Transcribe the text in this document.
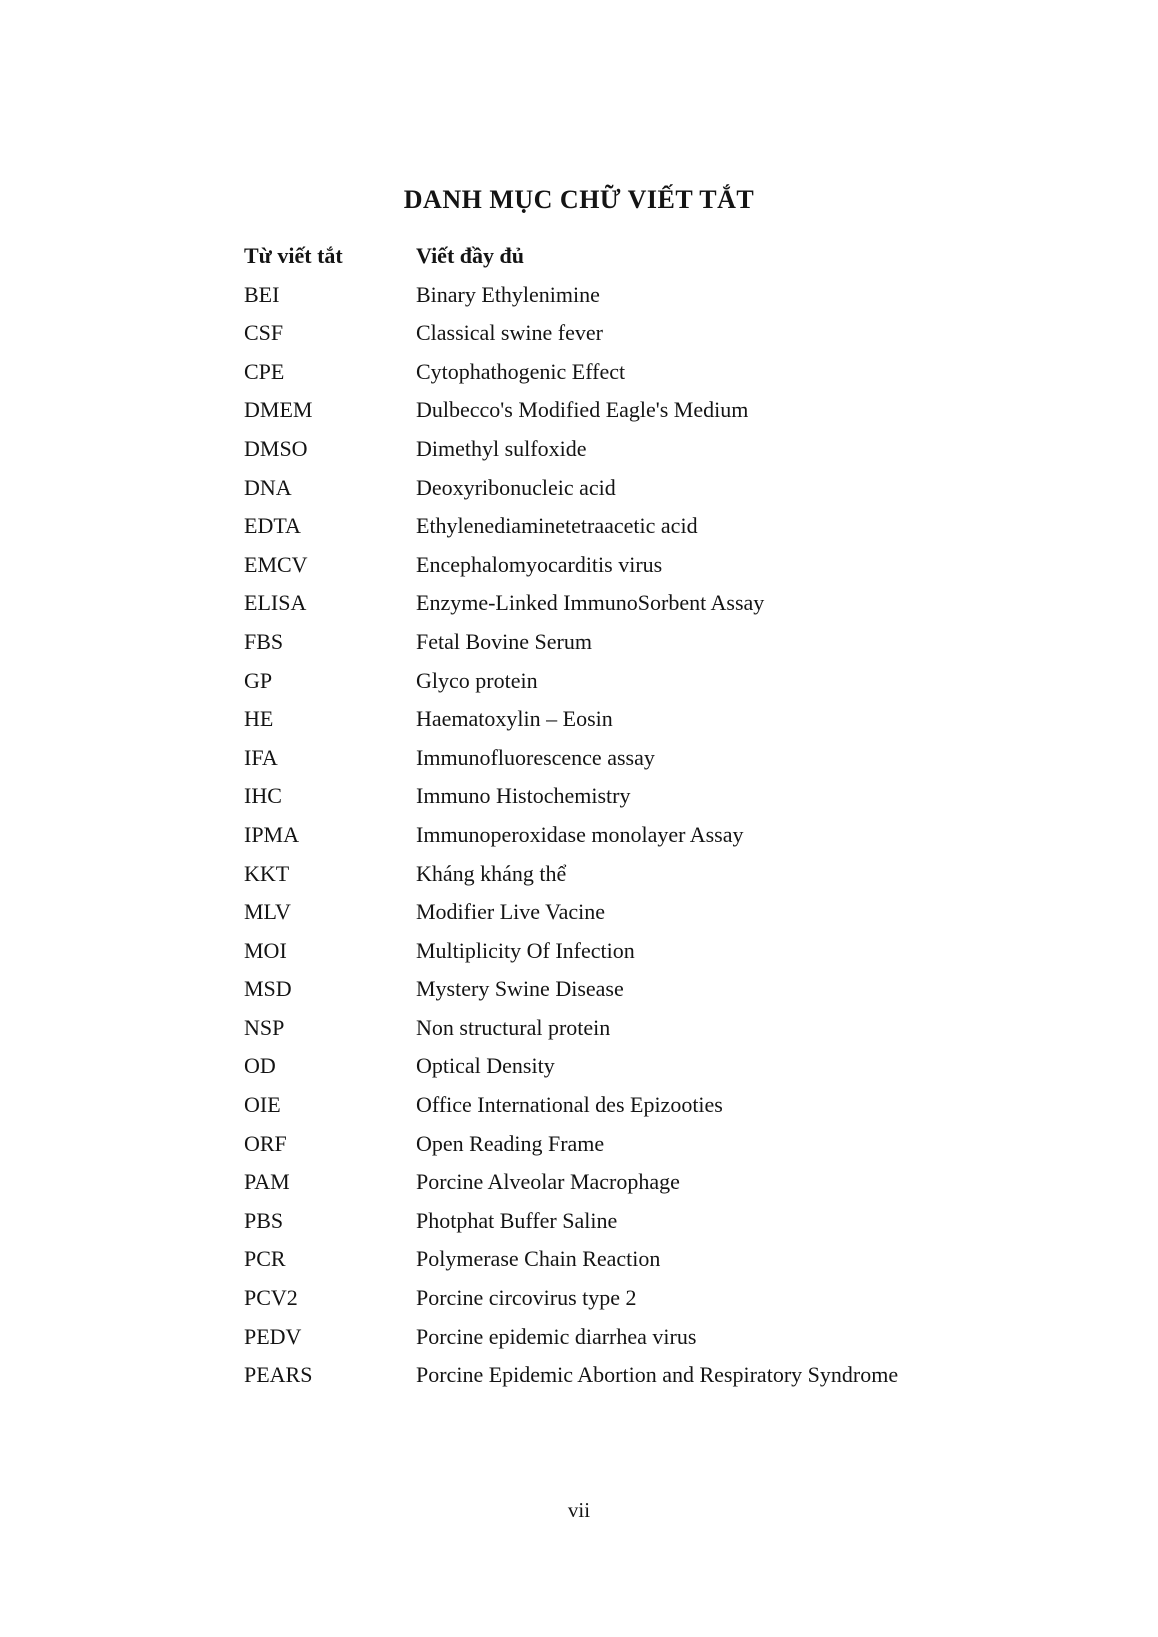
DANH MỤC CHỮ VIẾT TẮT
Từ viết tắt	Viết đầy đủ
BEI	Binary Ethylenimine
CSF	Classical swine fever
CPE	Cytophathogenic Effect
DMEM	Dulbecco's Modified Eagle's Medium
DMSO	Dimethyl sulfoxide
DNA	Deoxyribonucleic acid
EDTA	Ethylenediaminetetraacetic acid
EMCV	Encephalomyocarditis virus
ELISA	Enzyme-Linked ImmunoSorbent Assay
FBS	Fetal Bovine Serum
GP	Glyco protein
HE	Haematoxylin – Eosin
IFA	Immunofluorescence assay
IHC	Immuno Histochemistry
IPMA	Immunoperoxidase monolayer Assay
KKT	Kháng kháng thể
MLV	Modifier Live Vacine
MOI	Multiplicity Of Infection
MSD	Mystery Swine Disease
NSP	Non structural protein
OD	Optical Density
OIE	Office International des Epizooties
ORF	Open Reading Frame
PAM	Porcine Alveolar Macrophage
PBS	Photphat Buffer Saline
PCR	Polymerase Chain Reaction
PCV2	Porcine circovirus type 2
PEDV	Porcine epidemic diarrhea virus
PEARS	Porcine Epidemic Abortion and Respiratory Syndrome
vii
